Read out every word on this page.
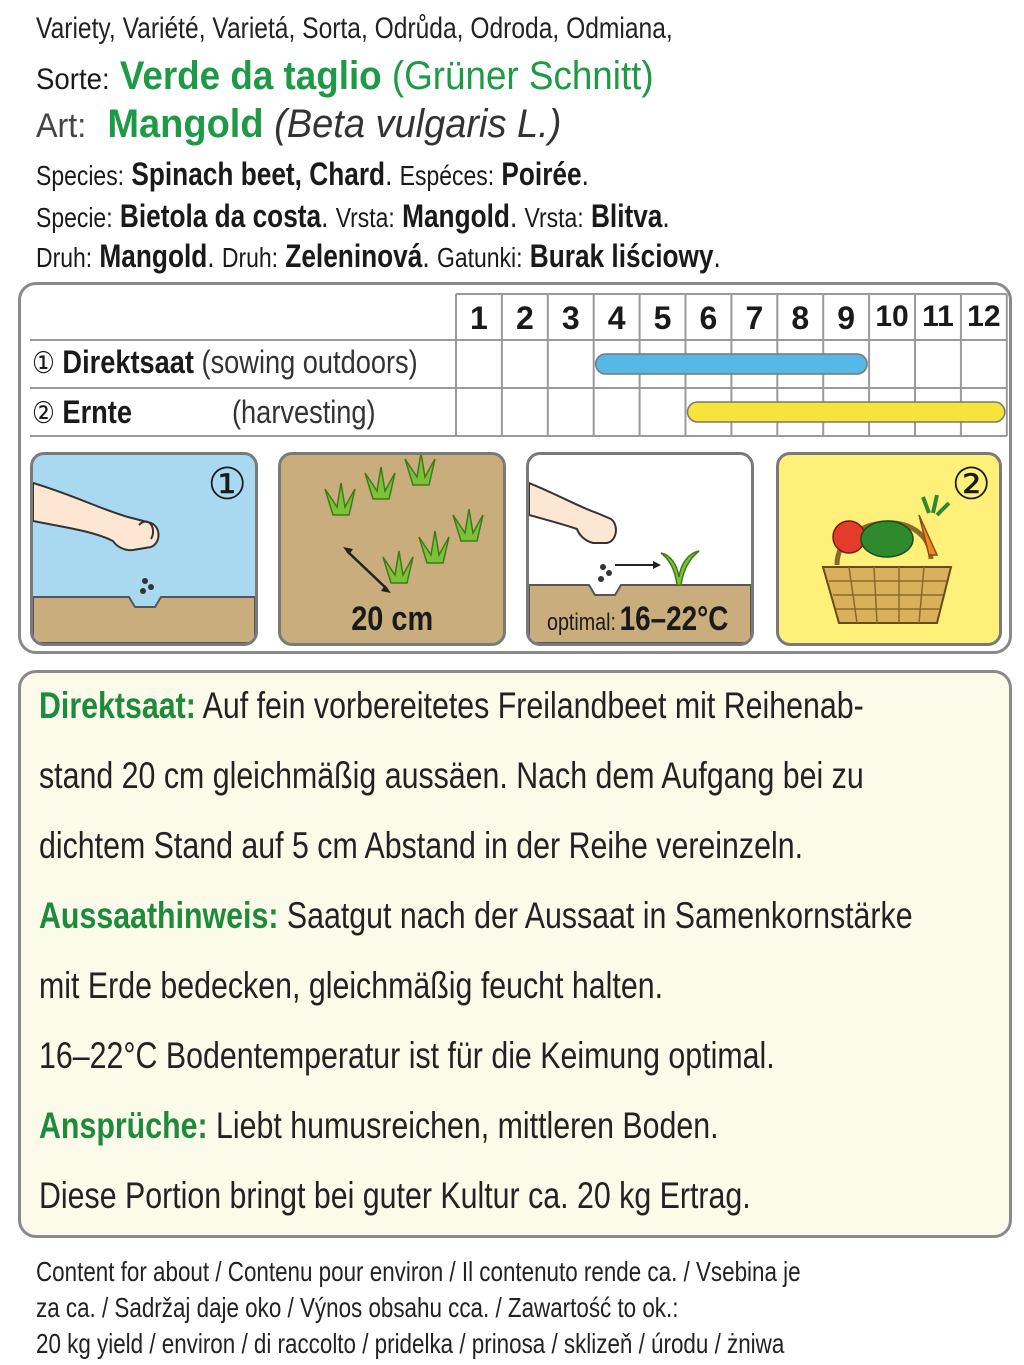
Variety, Variété, Varietá, Sorta, Odrůda, Odroda, Odmiana,
Sorte: Verde da taglio (Grüner Schnitt)
Art: Mangold (Beta vulgaris L.)
Species: Spinach beet, Chard. Espéces: Poirée.
Specie: Bietola da costa. Vrsta: Mangold. Vrsta: Blitva.
Druh: Mangold. Druh: Zeleninová. Gatunki: Burak liściowy.
1 2 3 4 5 6 7 8 9 10 11 12
① Direktsaat (sowing outdoors)
② Ernte	(harvesting)
①
20 cm	optimal: 16–22°C
②
Direktsaat: Auf fein vorbereitetes Freilandbeet mit Reihenab-
stand 20 cm gleichmäßig aussäen. Nach dem Aufgang bei zu
dichtem Stand auf 5 cm Abstand in der Reihe vereinzeln.
Aussaathinweis: Saatgut nach der Aussaat in Samenkornstärke
mit Erde bedecken, gleichmäßig feucht halten.
16–22°C Bodentemperatur ist für die Keimung optimal.
Ansprüche: Liebt humusreichen, mittleren Boden.
Diese Portion bringt bei guter Kultur ca. 20 kg Ertrag.
Content for about / Contenu pour environ / Il contenuto rende ca. / Vsebina je
za ca. / Sadržaj daje oko / Výnos obsahu cca. / Zawartość to ok.:
20 kg yield / environ / di raccolto / pridelka / prinosa / sklizeň / úrodu / żniwa
